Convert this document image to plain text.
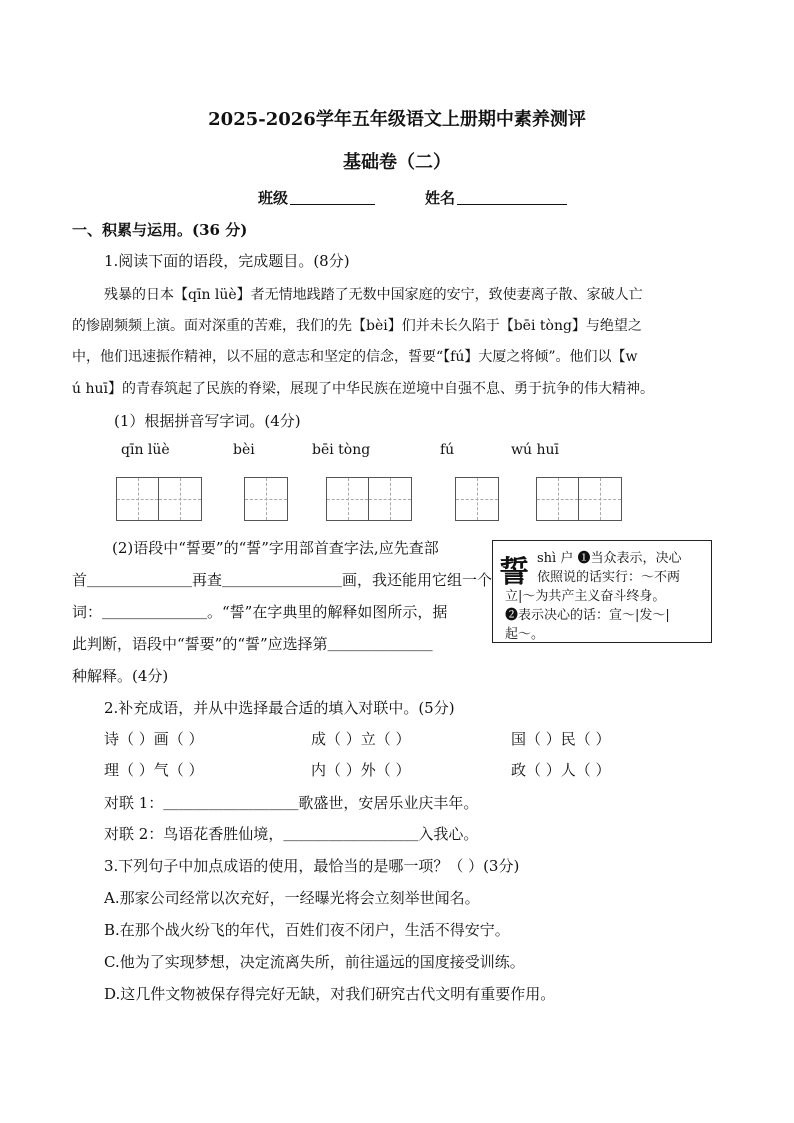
2025-2026学年五年级语文上册期中素养测评
基础卷（二）
班级	姓名
一、积累与运用。(36 分)
1.阅读下面的语段，完成题目。(8分)
残暴的日本【qīn lüè】者无情地践踏了无数中国家庭的安宁，致使妻离子散、家破人亡
的惨剧频频上演。面对深重的苦难，我们的先【bèi】们并未长久陷于【bēi tòng】与绝望之
中，他们迅速振作精神，以不屈的意志和坚定的信念，誓要“【fú】大厦之将倾”。他们以【w
ú huī】的青春筑起了民族的脊梁，展现了中华民族在逆境中自强不息、勇于抗争的伟大精神。
(1）根据拼音写字词。(4分)
qīn lüè	bèi	bēi tòng	fú	wú huī
(2)语段中“誓要”的“誓”字用部首查字法,应先查部
首＿＿＿＿＿＿＿再查＿＿＿＿＿＿＿＿画，我还能用它组一个
词：＿＿＿＿＿＿＿。“誓”在字典里的解释如图所示，据
此判断，语段中“誓要”的“誓”应选择第＿＿＿＿＿＿＿
种解释。(4分)
誓 shì 户 ❶当众表示，决心
依照说的话实行：～不两
立|～为共产主义奋斗终身。
❷表示决心的话：宣～|发～|
起～。
2.补充成语，并从中选择最合适的填入对联中。(5分)
诗（ ）画（ ）	成（ ）立（ ）	国（ ）民（ ）
理（ ）气（ ）	内（ ）外（ ）	政（ ）人（ ）
对联 1：＿＿＿＿＿＿＿＿＿歌盛世，安居乐业庆丰年。
对联 2：鸟语花香胜仙境，＿＿＿＿＿＿＿＿＿入我心。
3.下列句子中加点成语的使用，最恰当的是哪一项？（ ）(3分)
A.那家公司经常以次充好，一经曝光将会立刻举世闻名。
B.在那个战火纷飞的年代，百姓们夜不闭户，生活不得安宁。
C.他为了实现梦想，决定流离失所，前往遥远的国度接受训练。
D.这几件文物被保存得完好无缺，对我们研究古代文明有重要作用。
